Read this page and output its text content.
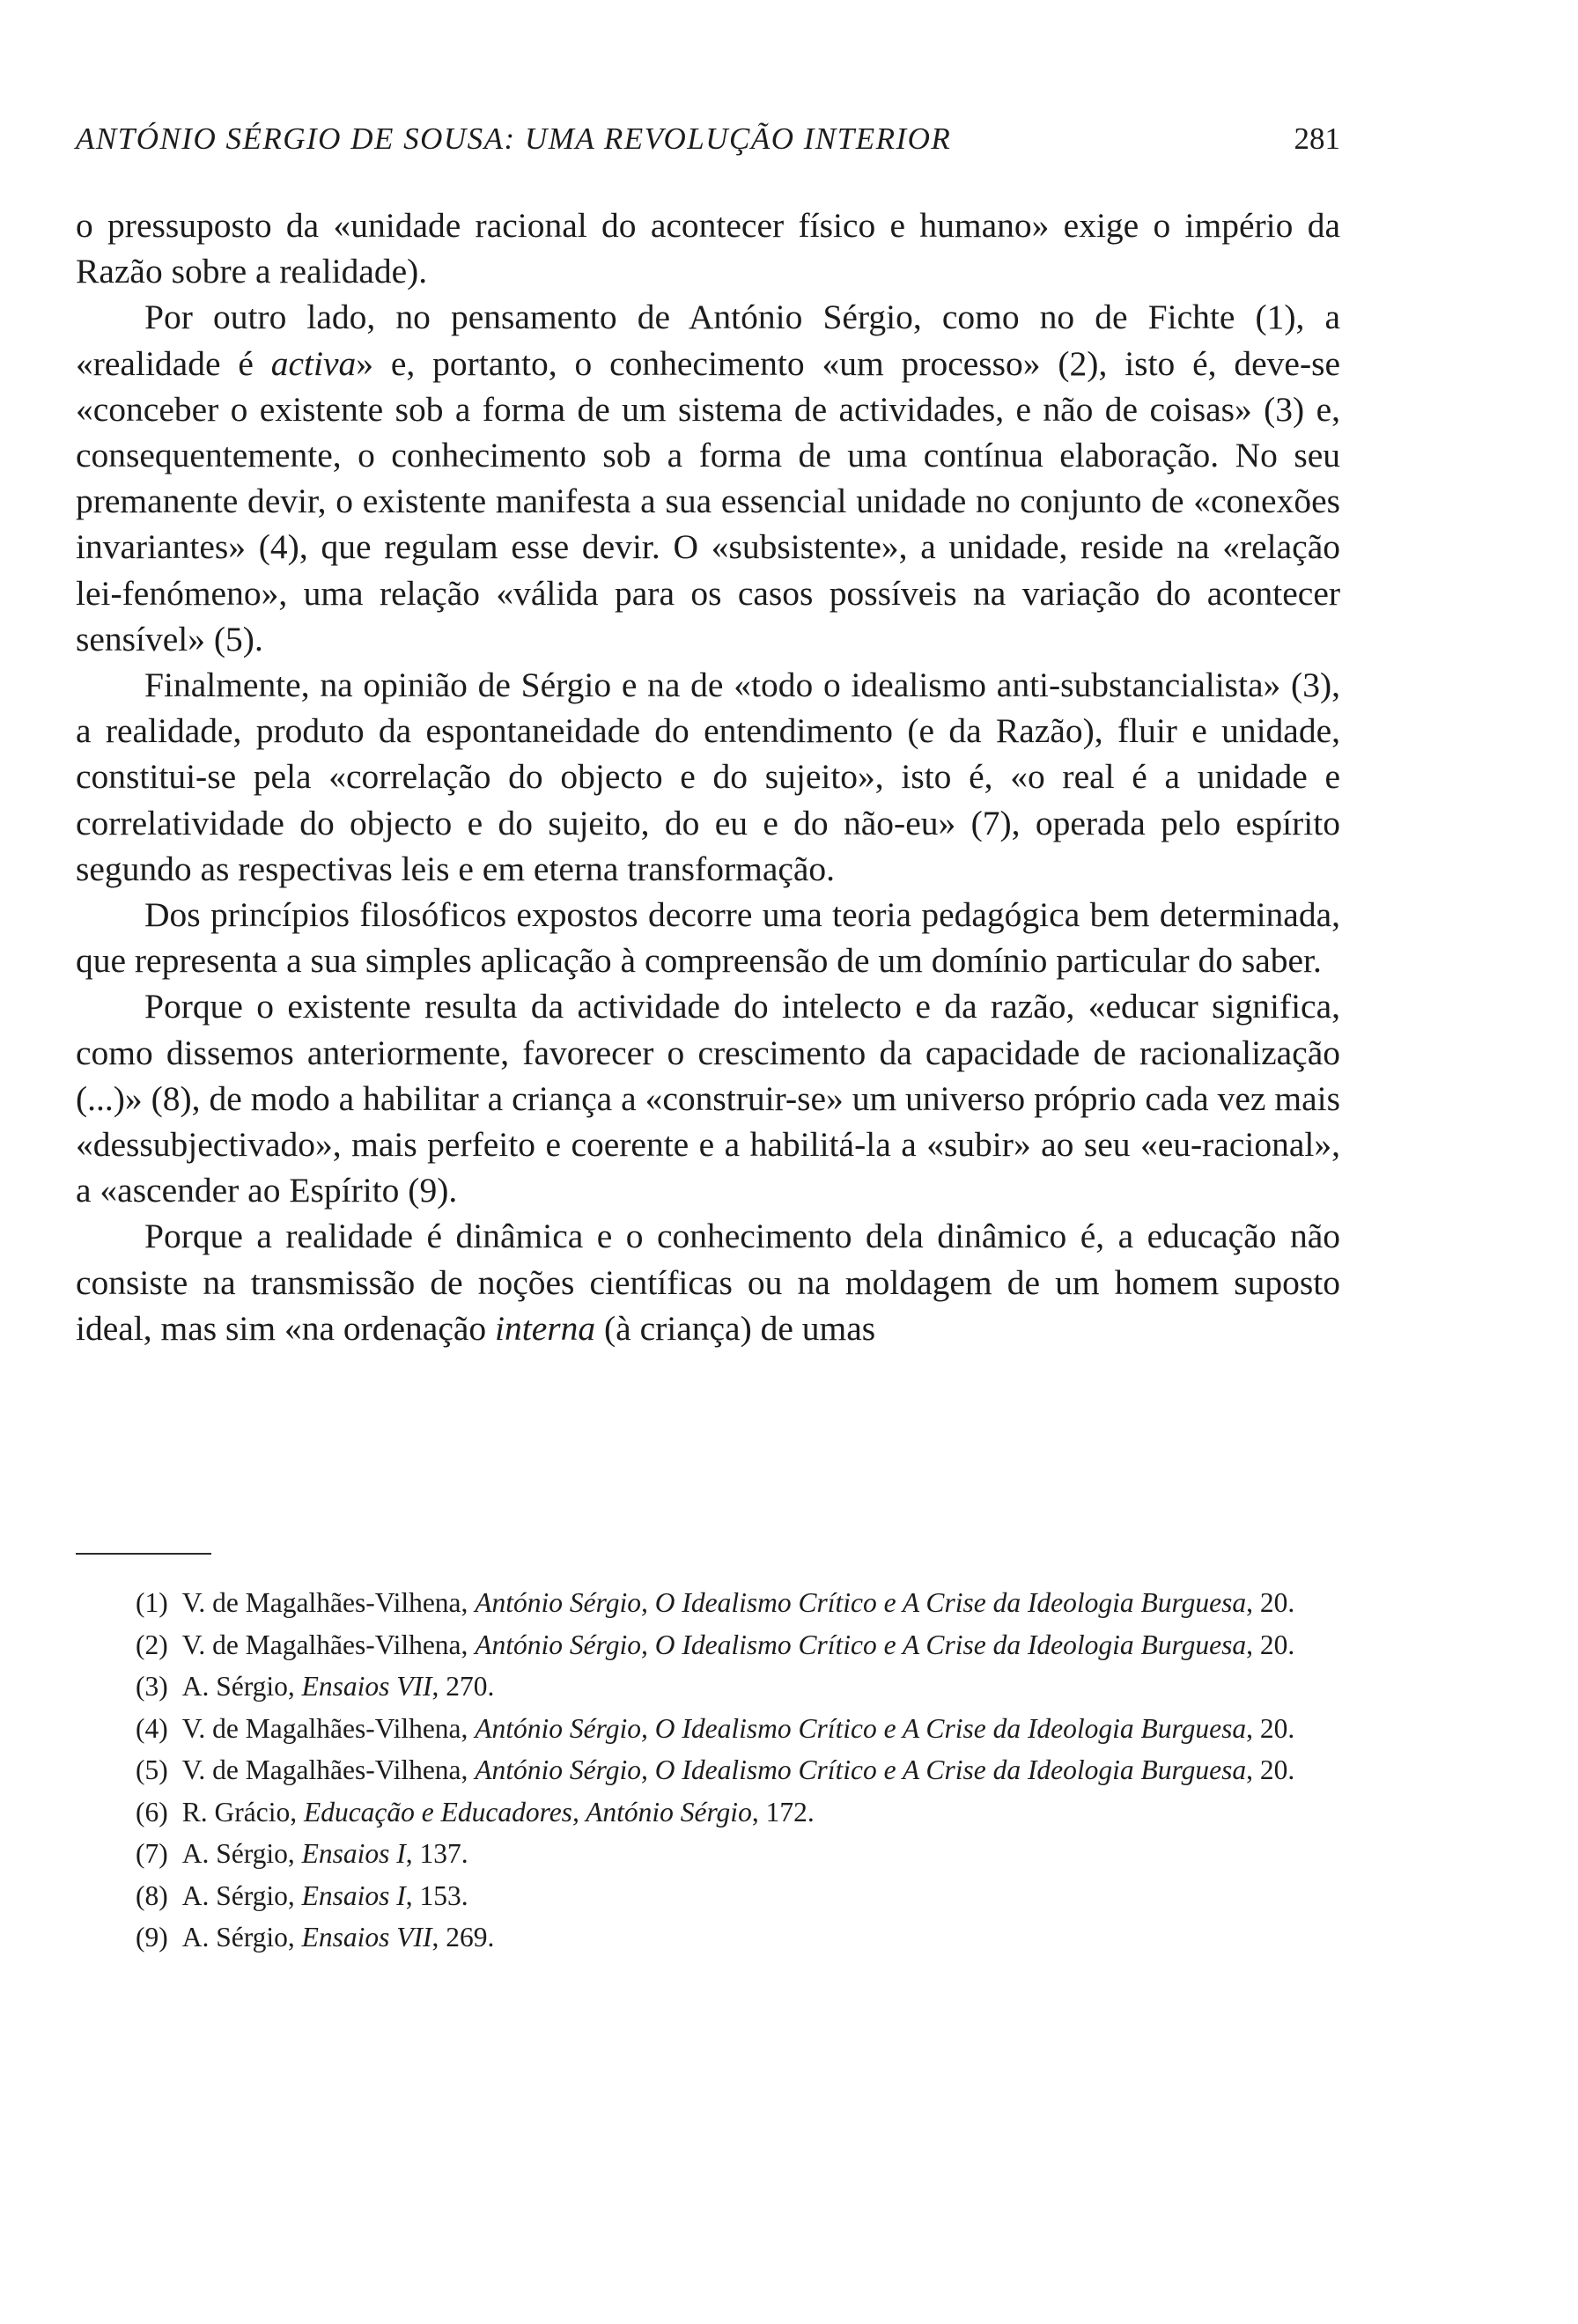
ANTÓNIO SÉRGIO DE SOUSA: UMA REVOLUÇÃO INTERIOR	281

o pressuposto da «unidade racional do acontecer físico e humano» exige o império da Razão sobre a realidade).

Por outro lado, no pensamento de António Sérgio, como no de Fichte (1), a «realidade é activa» e, portanto, o conhecimento «um processo» (2), isto é, deve-se «conceber o existente sob a forma de um sistema de actividades, e não de coisas» (3) e, consequentemente, o conhecimento sob a forma de uma contínua elaboração. No seu premanente devir, o existente manifesta a sua essencial unidade no conjunto de «conexões invariantes» (4), que regulam esse devir. O «subsistente», a unidade, reside na «relação lei-fenómeno», uma relação «válida para os casos possíveis na variação do acontecer sensível» (5).

Finalmente, na opinião de Sérgio e na de «todo o idealismo anti-substancialista» (3), a realidade, produto da espontaneidade do entendimento (e da Razão), fluir e unidade, constitui-se pela «correlação do objecto e do sujeito», isto é, «o real é a unidade e correlatividade do objecto e do sujeito, do eu e do não-eu» (7), operada pelo espírito segundo as respectivas leis e em eterna transformação.

Dos princípios filosóficos expostos decorre uma teoria pedagógica bem determinada, que representa a sua simples aplicação à compreensão de um domínio particular do saber.

Porque o existente resulta da actividade do intelecto e da razão, «educar significa, como dissemos anteriormente, favorecer o crescimento da capacidade de racionalização (...)» (8), de modo a habilitar a criança a «construir-se» um universo próprio cada vez mais «dessubjectivado», mais perfeito e coerente e a habilitá-la a «subir» ao seu «eu-racional», a «ascender ao Espírito (9).

Porque a realidade é dinâmica e o conhecimento dela dinâmico é, a educação não consiste na transmissão de noções científicas ou na moldagem de um homem suposto ideal, mas sim «na ordenação interna (à criança) de umas

(1) V. de Magalhães-Vilhena, António Sérgio, O Idealismo Crítico e A Crise da Ideologia Burguesa, 20.

(2) V. de Magalhães-Vilhena, António Sérgio, O Idealismo Crítico e A Crise da Ideologia Burguesa, 20.

(3) A. Sérgio, Ensaios VII, 270.

(4) V. de Magalhães-Vilhena, António Sérgio, O Idealismo Crítico e A Crise da Ideologia Burguesa, 20.

(5) V. de Magalhães-Vilhena, António Sérgio, O Idealismo Crítico e A Crise da Ideologia Burguesa, 20.

(6) R. Grácio, Educação e Educadores, António Sérgio, 172.

(7) A. Sérgio, Ensaios I, 137.

(8) A. Sérgio, Ensaios I, 153.

(9) A. Sérgio, Ensaios VII, 269.
